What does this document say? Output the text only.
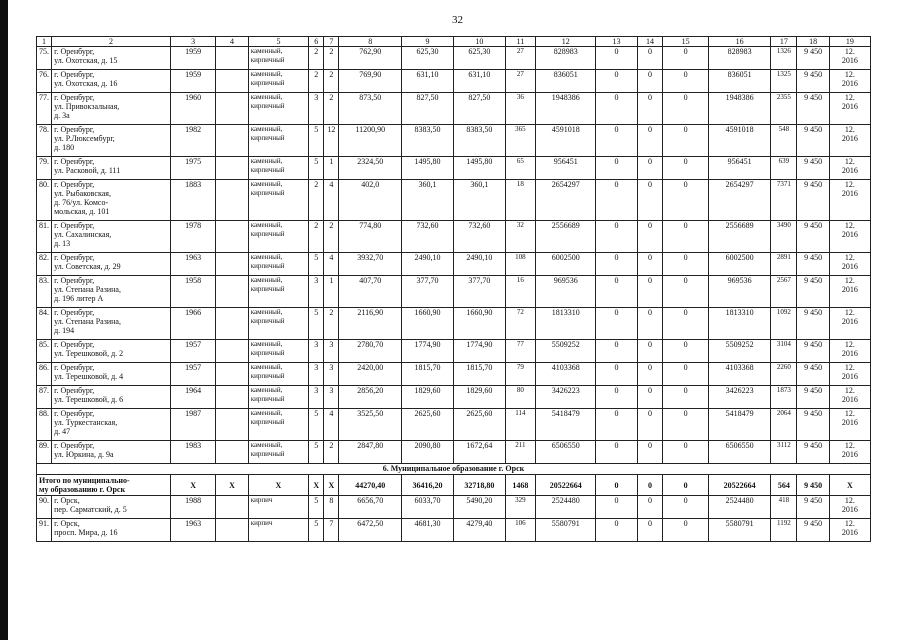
32
1	2	3	4	5	6	7	8	9	10	11	12	13	14	15	16	17	18	19
75.	г. Оренбург,
ул. Охотская, д. 15	1959		каменный,
кирпичный	2	2	762,90	625,30	625,30	27	828983	0	0	0	828983	1326	9 450	12.
2016
76.	г. Оренбург,
ул. Охотская, д. 16	1959		каменный,
кирпичный	2	2	769,90	631,10	631,10	27	836051	0	0	0	836051	1325	9 450	12.
2016
77.	г. Оренбург,
ул. Привокзальная,
д. 3а	1960		каменный,
кирпичный	3	2	873,50	827,50	827,50	36	1948386	0	0	0	1948386	2355	9 450	12.
2016
78.	г. Оренбург,
ул. Р.Люксембург,
д. 180	1982		каменный,
кирпичный	5	12	11200,90	8383,50	8383,50	365	4591018	0	0	0	4591018	548	9 450	12.
2016
79.	г. Оренбург,
ул. Расковой, д. 111	1975		каменный,
кирпичный	5	1	2324,50	1495,80	1495,80	65	956451	0	0	0	956451	639	9 450	12.
2016
80.	г. Оренбург,
ул. Рыбаковская,
д. 76/ул. Комсо-
мольская, д. 101	1883		каменный,
кирпичный	2	4	402,0	360,1	360,1	18	2654297	0	0	0	2654297	7371	9 450	12.
2016
81.	г. Оренбург,
ул. Сахалинская,
д. 13	1978		каменный,
кирпичный	2	2	774,80	732,60	732,60	32	2556689	0	0	0	2556689	3490	9 450	12.
2016
82.	г. Оренбург,
ул. Советская, д. 29	1963		каменный,
кирпичный	5	4	3932,70	2490,10	2490,10	108	6002500	0	0	0	6002500	2891	9 450	12.
2016
83.	г. Оренбург,
ул. Степана Разина,
д. 196 литер А	1958		каменный,
кирпичный	3	1	407,70	377,70	377,70	16	969536	0	0	0	969536	2567	9 450	12.
2016
84.	г. Оренбург,
ул. Степана Разина,
д. 194	1966		каменный,
кирпичный	5	2	2116,90	1660,90	1660,90	72	1813310	0	0	0	1813310	1092	9 450	12.
2016
85.	г. Оренбург,
ул. Терешковой, д. 2	1957		каменный,
кирпичный	3	3	2780,70	1774,90	1774,90	77	5509252	0	0	0	5509252	3104	9 450	12.
2016
86.	г. Оренбург,
ул. Терешковой, д. 4	1957		каменный,
кирпичный	3	3	2420,00	1815,70	1815,70	79	4103368	0	0	0	4103368	2260	9 450	12.
2016
87.	г. Оренбург,
ул. Терешковой, д. 6	1964		каменный,
кирпичный	3	3	2856,20	1829,60	1829,60	80	3426223	0	0	0	3426223	1873	9 450	12.
2016
88.	г. Оренбург,
ул. Туркестанская,
д. 47	1987		каменный,
кирпичный	5	4	3525,50	2625,60	2625,60	114	5418479	0	0	0	5418479	2064	9 450	12.
2016
89.	г. Оренбург,
ул. Юркина, д. 9а	1983		каменный,
кирпичный	5	2	2847,80	2090,80	1672,64	211	6506550	0	0	0	6506550	3112	9 450	12.
2016
6. Муниципальное образование г. Орск																		
Итого по муниципально-
му образованию г. Орск		X	X	X	X	X	44270,40	36416,20	32718,80	1468	20522664	0	0	0	20522664	564	9 450	X
90.	г. Орск,
пер. Сарматский, д. 5	1988		кирпич	5	8	6656,70	6033,70	5490,20	329	2524480	0	0	0	2524480	418	9 450	12.
2016
91.	г. Орск,
просп. Мира, д. 16	1963		кирпич	5	7	6472,50	4681,30	4279,40	106	5580791	0	0	0	5580791	1192	9 450	12.
2016
